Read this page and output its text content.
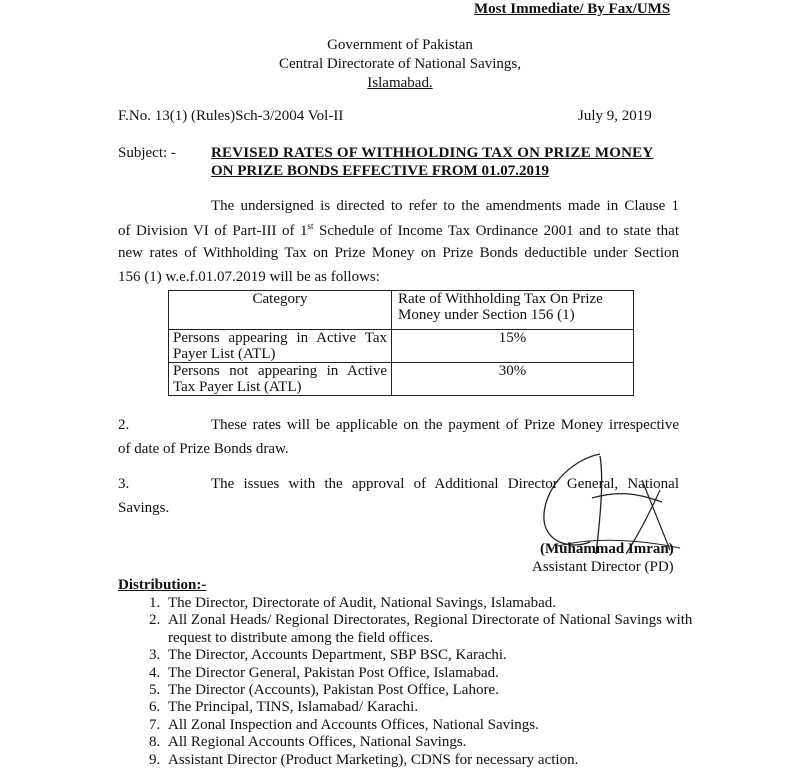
Most Immediate/ By Fax/UMS
Government of Pakistan
Central Directorate of National Savings,
Islamabad.
F.No. 13(1) (Rules)Sch-3/2004 Vol-II	July 9, 2019
Subject: - REVISED RATES OF WITHHOLDING TAX ON PRIZE MONEY
ON PRIZE BONDS EFFECTIVE FROM 01.07.2019
The undersigned is directed to refer to the amendments made in Clause 1
of Division VI of Part-III of 1st Schedule of Income Tax Ordinance 2001 and to state that
new rates of Withholding Tax on Prize Money on Prize Bonds deductible under Section
156 (1) w.e.f.01.07.2019 will be as follows:
Category	Rate of Withholding Tax On Prize Money under Section 156 (1)
Persons appearing in Active Tax Payer List (ATL)	15%
Persons not appearing in Active Tax Payer List (ATL)	30%
2.	These rates will be applicable on the payment of Prize Money irrespective
of date of Prize Bonds draw.
3.	The issues with the approval of Additional Director General, National
Savings.
(Muhammad Imran)
Assistant Director (PD)
Distribution:-
1. The Director, Directorate of Audit, National Savings, Islamabad.
2. All Zonal Heads/ Regional Directorates, Regional Directorate of National Savings with request to distribute among the field offices.
3. The Director, Accounts Department, SBP BSC, Karachi.
4. The Director General, Pakistan Post Office, Islamabad.
5. The Director (Accounts), Pakistan Post Office, Lahore.
6. The Principal, TINS, Islamabad/ Karachi.
7. All Zonal Inspection and Accounts Offices, National Savings.
8. All Regional Accounts Offices, National Savings.
9. Assistant Director (Product Marketing), CDNS for necessary action.
